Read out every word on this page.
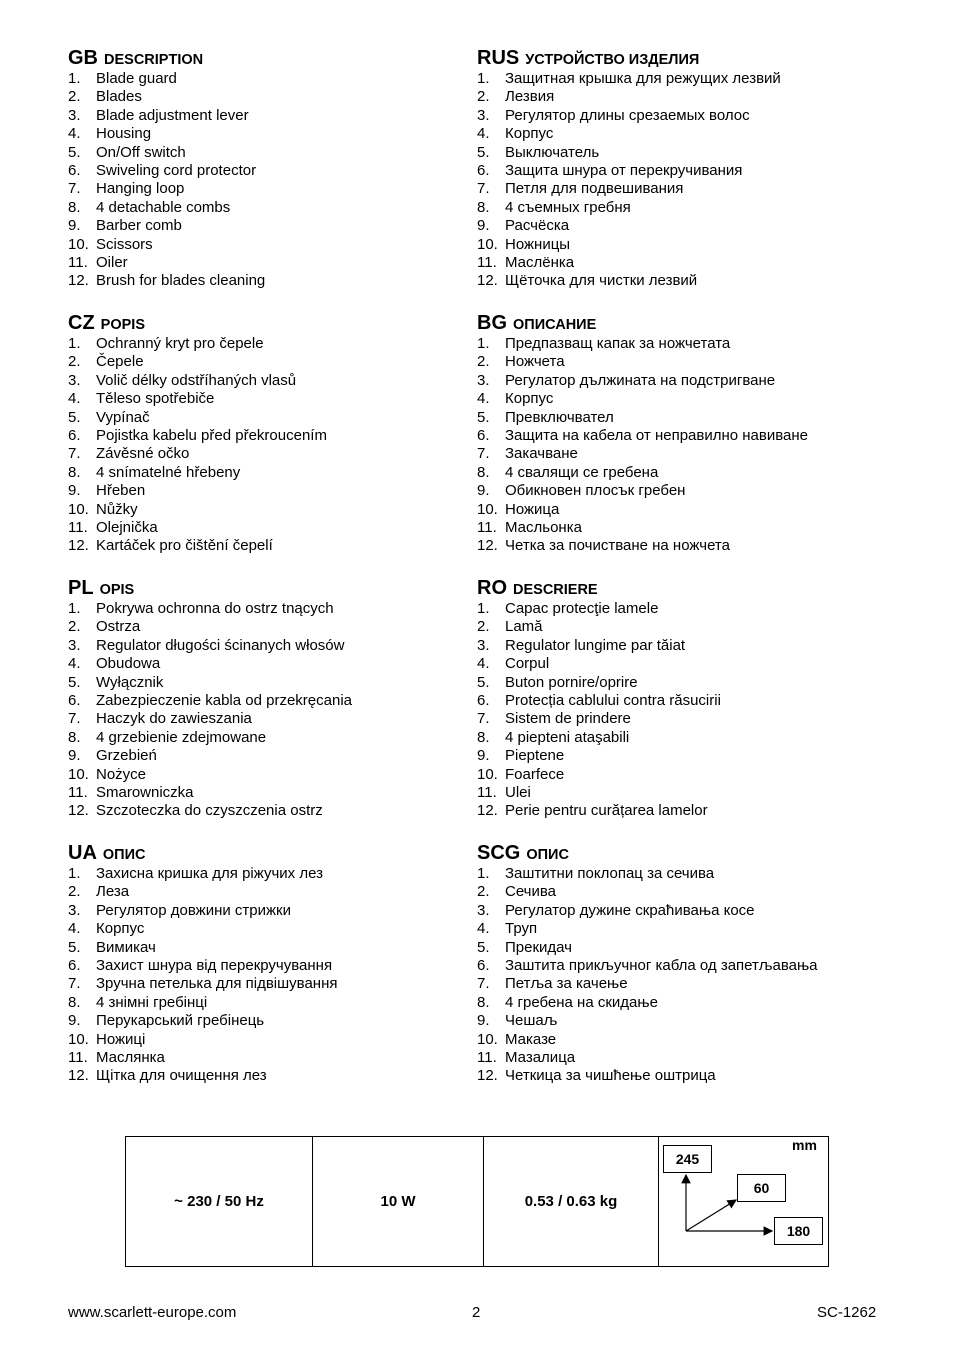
GB DESCRIPTION
1. Blade guard
2. Blades
3. Blade adjustment lever
4. Housing
5. On/Off switch
6. Swiveling cord protector
7. Hanging loop
8. 4 detachable combs
9. Barber comb
10. Scissors
11. Oiler
12. Brush for blades cleaning
RUS УСТРОЙСТВО ИЗДЕЛИЯ
1. Защитная крышка для режущих лезвий
2. Лезвия
3. Регулятор длины срезаемых волос
4. Корпус
5. Выключатель
6. Защита шнура от перекручивания
7. Петля для подвешивания
8. 4 съемных гребня
9. Расчёска
10. Ножницы
11. Маслёнка
12. Щёточка для чистки лезвий
CZ POPIS
1. Ochranný kryt pro čepele
2. Čepele
3. Volič délky odstříhaných vlasů
4. Těleso spotřebiče
5. Vypínač
6. Pojistka kabelu před překroucením
7. Závěsné očko
8. 4 snímatelné hřebeny
9. Hřeben
10. Nůžky
11. Olejnička
12. Kartáček pro čištění čepelí
BG ОПИСАНИЕ
1. Предпазващ капак за ножчетата
2. Ножчета
3. Регулатор дължината на подстригване
4. Корпус
5. Превключвател
6. Защита на кабела от неправилно навиване
7. Закачване
8. 4 свалящи се гребена
9. Обикновен плосък гребен
10. Ножица
11. Масльонка
12. Четка за почистване на ножчета
PL OPIS
1. Pokrywa ochronna do ostrz tnących
2. Ostrza
3. Regulator długości ścinanych włosów
4. Obudowa
5. Wyłącznik
6. Zabezpieczenie kabla od przekręcania
7. Haczyk do zawieszania
8. 4 grzebienie zdejmowane
9. Grzebień
10. Nożyce
11. Smarowniczka
12. Szczoteczka do czyszczenia ostrz
RO DESCRIERE
1. Capac protecţie lamele
2. Lamă
3. Regulator lungime par tăiat
4. Corpul
5. Buton pornire/oprire
6. Protecția cablului contra răsucirii
7. Sistem de prindere
8. 4 piepteni ataşabili
9. Pieptene
10. Foarfece
11. Ulei
12. Perie pentru curățarea lamelor
UA ОПИС
1. Захисна кришка для ріжучих лез
2. Леза
3. Регулятор довжини стрижки
4. Корпус
5. Вимикач
6. Захист шнура від перекручування
7. Зручна петелька для підвішування
8. 4 знімні гребінці
9. Перукарський гребінець
10. Ножиці
11. Маслянка
12. Щітка для очищення лез
SCG ОПИС
1. Заштитни поклопац за сечива
2. Сечива
3. Регулатор дужине скраћивања косе
4. Труп
5. Прекидач
6. Заштита прикључног кабла од запетљавања
7. Петља за качење
8. 4 гребена на скидање
9. Чешаљ
10. Маказе
11. Мазалица
12. Четкица за чишћење оштрица
~ 230 / 50 Hz	10 W	0.53 / 0.63 kg
mm
245
60
180
www.scarlett-europe.com	2	SC-1262
